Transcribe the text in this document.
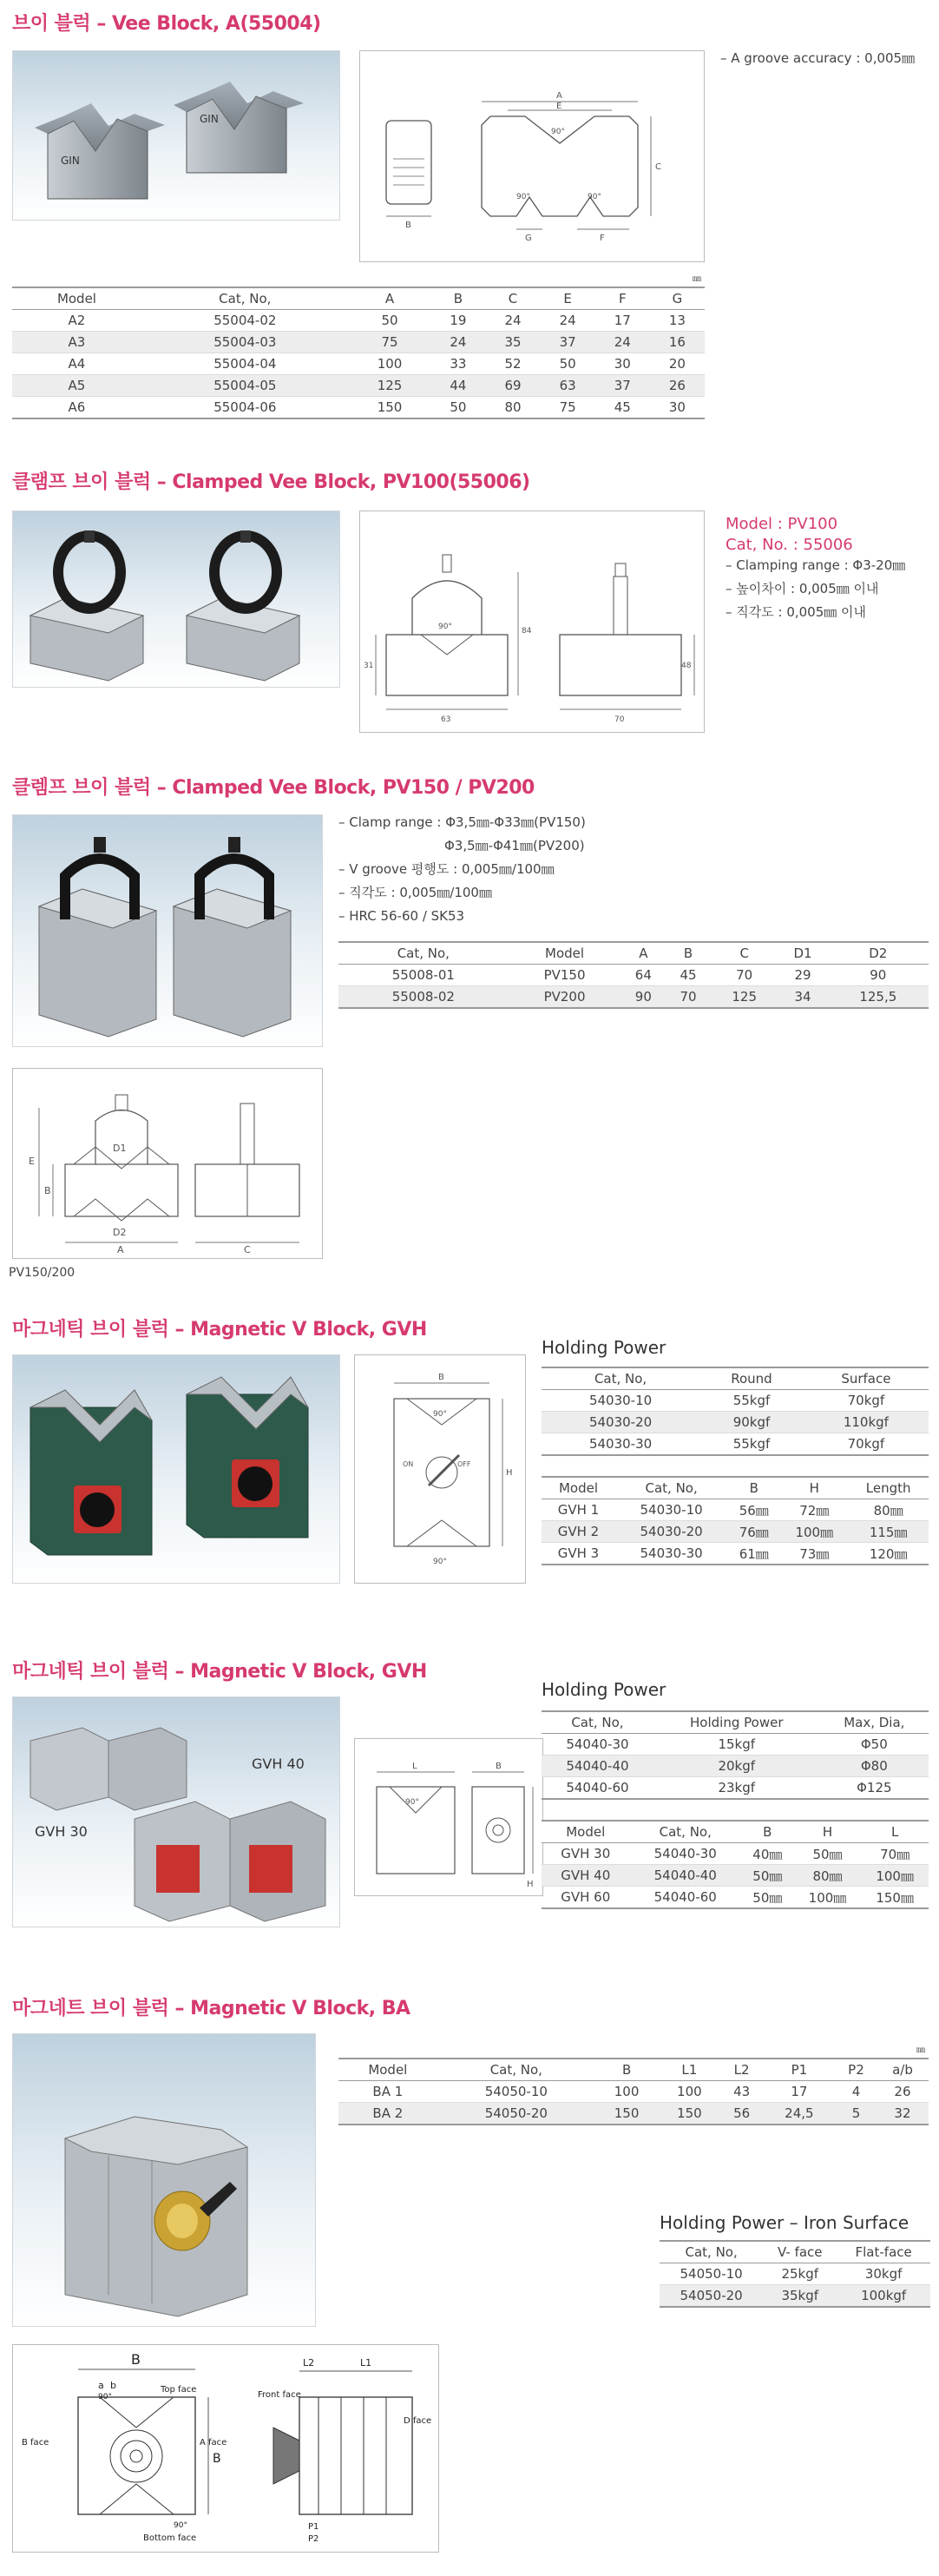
브이 블럭 – Vee Block, A(55004)
GIN
GIN
B
A
E
90°
90°	90°
C
G	F
– A groove accuracy : 0,005㎜
㎜
Model	Cat, No,	A	B	C	E	F	G
A2	55004-02	50	19	24	24	17	13
A3	55004-03	75	24	35	37	24	16
A4	55004-04	100	33	52	50	30	20
A5	55004-05	125	44	69	63	37	26
A6	55004-06	150	50	80	75	45	30
클램프 브이 블럭 – Clamped Vee Block, PV100(55006)
90°
31
63
84
48
70
Model : PV100
Cat, No. : 55006
– Clamping range : Φ3-20㎜
– 높이차이 : 0,005㎜ 이내
– 직각도 : 0,005㎜ 이내
클렘프 브이 블럭 – Clamped Vee Block, PV150 / PV200
– Clamp range : Φ3,5㎜-Φ33㎜(PV150)
Φ3,5㎜-Φ41㎜(PV200)
– V groove 평행도 : 0,005㎜/100㎜
– 직각도 : 0,005㎜/100㎜
– HRC 56-60 / SK53
Cat, No,	Model	A	B	C	D1	D2
55008-01	PV150	64	45	70	29	90
55008-02	PV200	90	70	125	34	125,5
D1
D2
A
B
E
C
PV150/200
마그네틱 브이 블럭 – Magnetic V Block, GVH
ON	OFF
B
H
90°
90°
Holding Power
Cat, No,	Round	Surface
54030-10	55kgf	70kgf
54030-20	90kgf	110kgf
54030-30	55kgf	70kgf
Model	Cat, No,	B	H	Length
GVH 1	54030-10	56㎜	72㎜	80㎜
GVH 2	54030-20	76㎜	100㎜	115㎜
GVH 3	54030-30	61㎜	73㎜	120㎜
마그네틱 브이 블럭 – Magnetic V Block, GVH
GVH 30
GVH 40
90°
L	B
H
Holding Power
Cat, No,	Holding Power	Max, Dia,
54040-30	15kgf	Φ50
54040-40	20kgf	Φ80
54040-60	23kgf	Φ125
Model	Cat, No,	B	H	L
GVH 30	54040-30	40㎜	50㎜	70㎜
GVH 40	54040-40	50㎜	80㎜	100㎜
GVH 60	54040-60	50㎜	100㎜	150㎜
마그네트 브이 블럭 – Magnetic V Block, BA
㎜
Model	Cat, No,	B	L1	L2	P1	P2	a/b
BA 1	54050-10	100	100	43	17	4	26
BA 2	54050-20	150	150	56	24,5	5	32
Holding Power – Iron Surface
Cat, No,	V- face	Flat-face
54050-10	25kgf	30kgf
54050-20	35kgf	100kgf
B
a
90°
90°
b	Top face
B face	A face
Bottom face
B
L2	L1
Front face
D face
P1
P2
